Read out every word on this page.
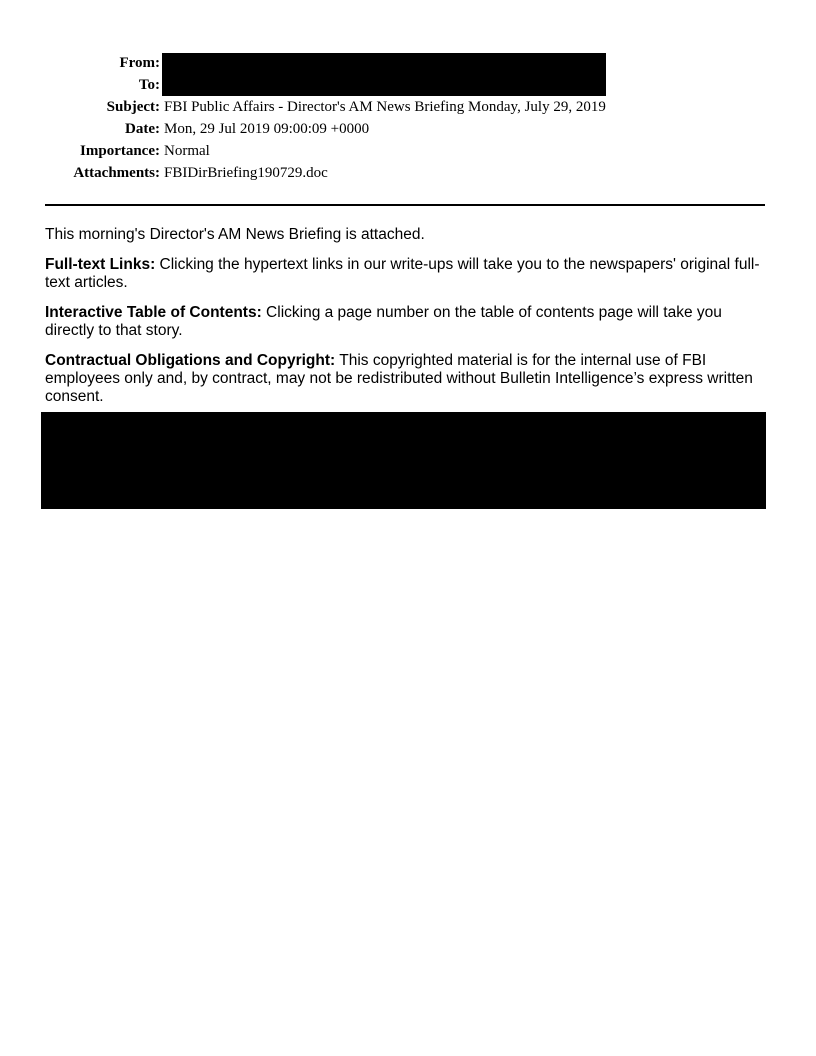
From:
To:
Subject: FBI Public Affairs - Director's AM News Briefing Monday, July 29, 2019
Date: Mon, 29 Jul 2019 09:00:09 +0000
Importance: Normal
Attachments: FBIDirBriefing190729.doc

This morning's Director's AM News Briefing is attached.

Full-text Links: Clicking the hypertext links in our write-ups will take you to the newspapers' original full-text articles.

Interactive Table of Contents: Clicking a page number on the table of contents page will take you directly to that story.

Contractual Obligations and Copyright: This copyrighted material is for the internal use of FBI employees only and, by contract, may not be redistributed without Bulletin Intelligence’s express written consent.
